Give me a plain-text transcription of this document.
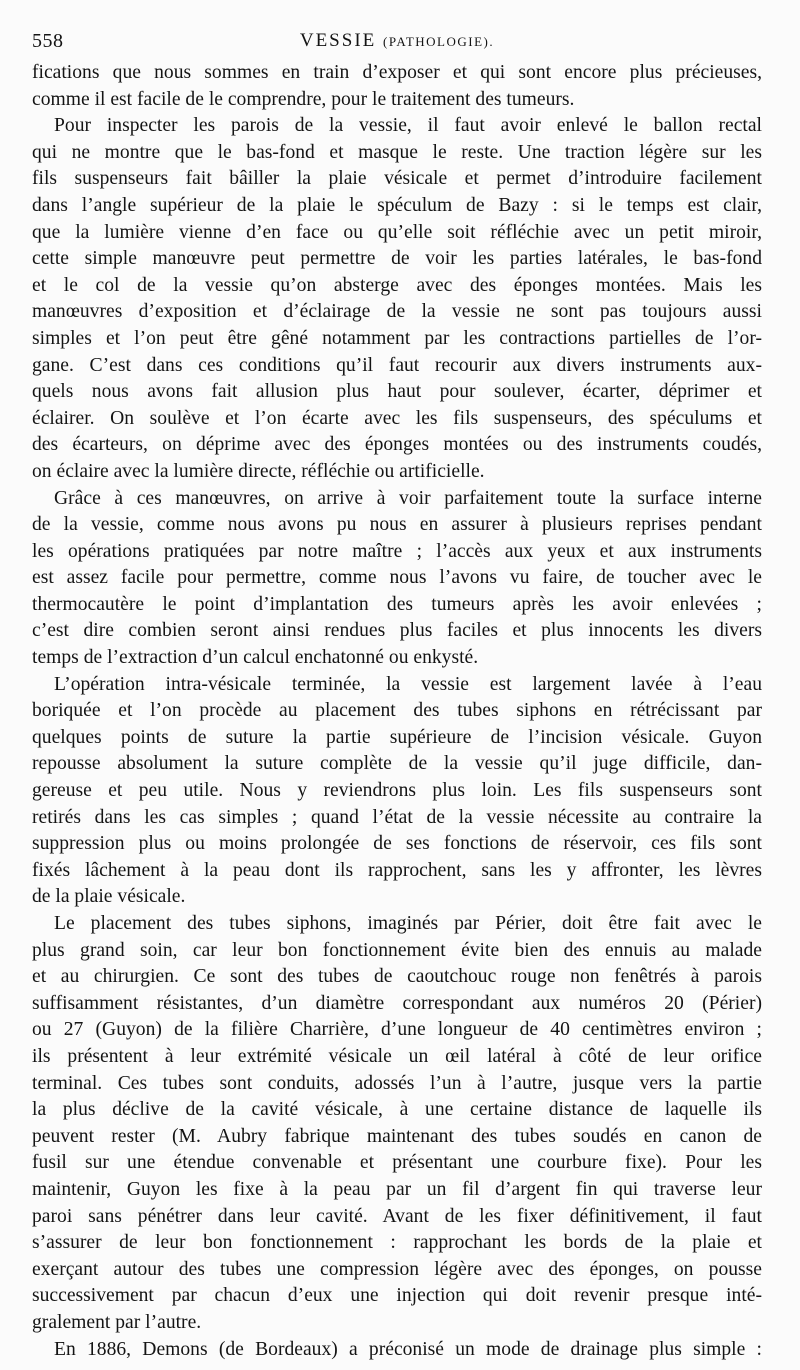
558	VESSIE (PATHOLOGIE).

fications que nous sommes en train d’exposer et qui sont encore plus précieuses,

comme il est facile de le comprendre, pour le traitement des tumeurs.

Pour inspecter les parois de la vessie, il faut avoir enlevé le ballon rectal

qui ne montre que le bas-fond et masque le reste. Une traction légère sur les

fils suspenseurs fait bâiller la plaie vésicale et permet d’introduire facilement

dans l’angle supérieur de la plaie le spéculum de Bazy : si le temps est clair,

que la lumière vienne d’en face ou qu’elle soit réfléchie avec un petit miroir,

cette simple manœuvre peut permettre de voir les parties latérales, le bas-fond

et le col de la vessie qu’on absterge avec des éponges montées. Mais les

manœuvres d’exposition et d’éclairage de la vessie ne sont pas toujours aussi

simples et l’on peut être gêné notamment par les contractions partielles de l’or-

gane. C’est dans ces conditions qu’il faut recourir aux divers instruments aux-

quels nous avons fait allusion plus haut pour soulever, écarter, déprimer et

éclairer. On soulève et l’on écarte avec les fils suspenseurs, des spéculums et

des écarteurs, on déprime avec des éponges montées ou des instruments coudés,

on éclaire avec la lumière directe, réfléchie ou artificielle.

Grâce à ces manœuvres, on arrive à voir parfaitement toute la surface interne

de la vessie, comme nous avons pu nous en assurer à plusieurs reprises pendant

les opérations pratiquées par notre maître ; l’accès aux yeux et aux instruments

est assez facile pour permettre, comme nous l’avons vu faire, de toucher avec le

thermocautère le point d’implantation des tumeurs après les avoir enlevées ;

c’est dire combien seront ainsi rendues plus faciles et plus innocents les divers

temps de l’extraction d’un calcul enchatonné ou enkysté.

L’opération intra-vésicale terminée, la vessie est largement lavée à l’eau

boriquée et l’on procède au placement des tubes siphons en rétrécissant par

quelques points de suture la partie supérieure de l’incision vésicale. Guyon

repousse absolument la suture complète de la vessie qu’il juge difficile, dan-

gereuse et peu utile. Nous y reviendrons plus loin. Les fils suspenseurs sont

retirés dans les cas simples ; quand l’état de la vessie nécessite au contraire la

suppression plus ou moins prolongée de ses fonctions de réservoir, ces fils sont

fixés lâchement à la peau dont ils rapprochent, sans les y affronter, les lèvres

de la plaie vésicale.

Le placement des tubes siphons, imaginés par Périer, doit être fait avec le

plus grand soin, car leur bon fonctionnement évite bien des ennuis au malade

et au chirurgien. Ce sont des tubes de caoutchouc rouge non fenêtrés à parois

suffisamment résistantes, d’un diamètre correspondant aux numéros 20 (Périer)

ou 27 (Guyon) de la filière Charrière, d’une longueur de 40 centimètres environ ;

ils présentent à leur extrémité vésicale un œil latéral à côté de leur orifice

terminal. Ces tubes sont conduits, adossés l’un à l’autre, jusque vers la partie

la plus déclive de la cavité vésicale, à une certaine distance de laquelle ils

peuvent rester (M. Aubry fabrique maintenant des tubes soudés en canon de

fusil sur une étendue convenable et présentant une courbure fixe). Pour les

maintenir, Guyon les fixe à la peau par un fil d’argent fin qui traverse leur

paroi sans pénétrer dans leur cavité. Avant de les fixer définitivement, il faut

s’assurer de leur bon fonctionnement : rapprochant les bords de la plaie et

exerçant autour des tubes une compression légère avec des éponges, on pousse

successivement par chacun d’eux une injection qui doit revenir presque inté-

gralement par l’autre.

En 1886, Demons (de Bordeaux) a préconisé un mode de drainage plus simple :
